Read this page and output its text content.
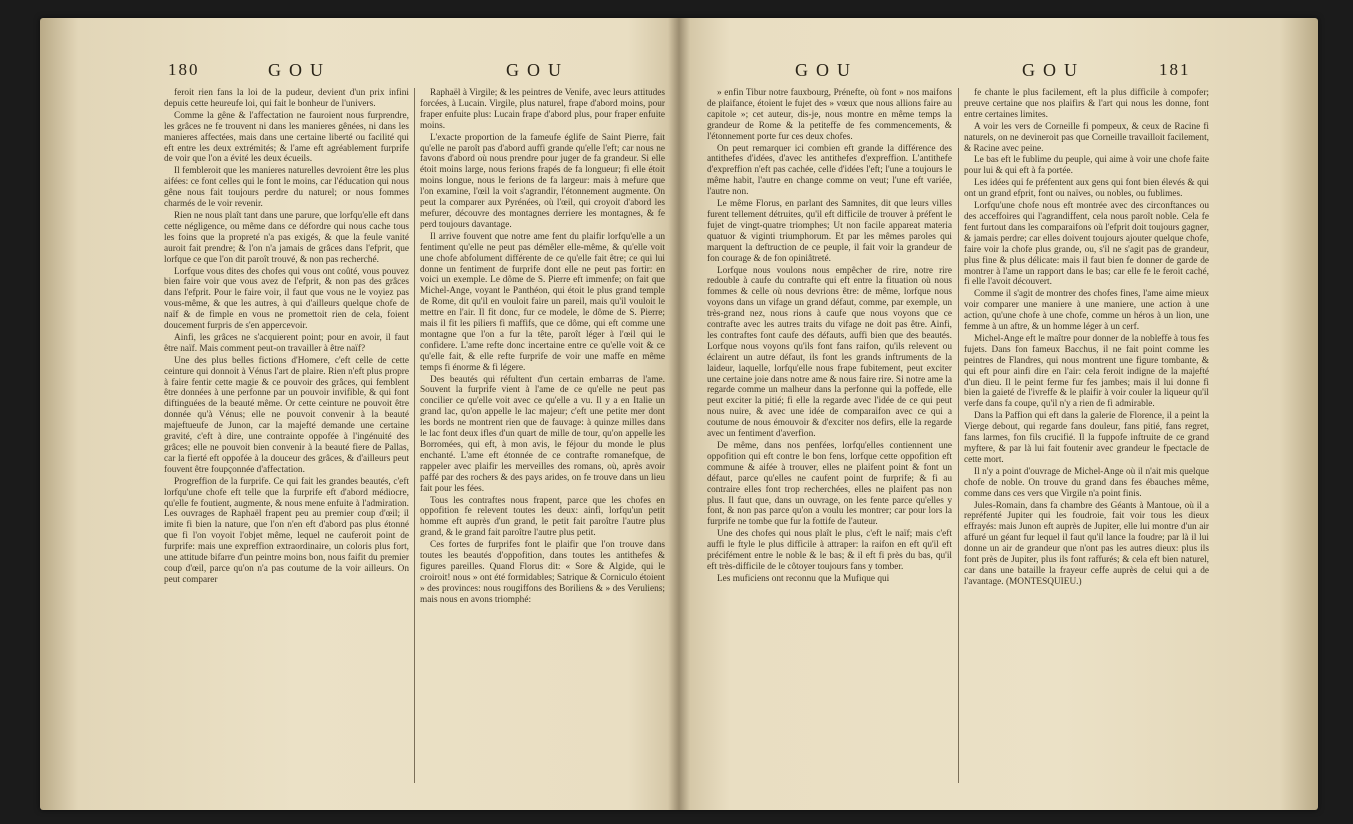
180	GOU	GOU

feroit rien fans la loi de la pudeur, devient d'un prix infini depuis cette heureufe loi, qui fait le bonheur de l'univers.

Comme la gêne & l'affectation ne fauroient nous furprendre, les grâces ne fe trouvent ni dans les manieres gênées, ni dans les manieres affectées, mais dans une certaine liberté ou facilité qui eft entre les deux extrémités; & l'ame eft agréablement furprife de voir que l'on a évité les deux écueils.

Il fembleroit que les manieres naturelles devroient être les plus aifées: ce font celles qui le font le moins, car l'éducation qui nous gêne nous fait toujours perdre du naturel; or nous fommes charmés de le voir revenir.

Rien ne nous plaît tant dans une parure, que lorfqu'elle eft dans cette négligence, ou même dans ce défordre qui nous cache tous les foins que la propreté n'a pas exigés, & que la feule vanité auroit fait prendre; & l'on n'a jamais de grâces dans l'efprit, que lorfque ce que l'on dit paroît trouvé, & non pas recherché.

Lorfque vous dites des chofes qui vous ont coûté, vous pouvez bien faire voir que vous avez de l'efprit, & non pas des grâces dans l'efprit. Pour le faire voir, il faut que vous ne le voyiez pas vous-même, & que les autres, à qui d'ailleurs quelque chofe de naïf & de fimple en vous ne promettoit rien de cela, foient doucement furpris de s'en appercevoir.

Ainfi, les grâces ne s'acquierent point; pour en avoir, il faut être naïf. Mais comment peut-on travailler à être naïf?

Une des plus belles fictions d'Homere, c'eft celle de cette ceinture qui donnoit à Vénus l'art de plaire. Rien n'eft plus propre à faire fentir cette magie & ce pouvoir des grâces, qui femblent être données à une perfonne par un pouvoir invifible, & qui font diftinguées de la beauté même. Or cette ceinture ne pouvoit être donnée qu'à Vénus; elle ne pouvoit convenir à la beauté majeftueufe de Junon, car la majefté demande une certaine gravité, c'eft à dire, une contrainte oppofée à l'ingénuité des grâces; elle ne pouvoit bien convenir à la beauté fiere de Pallas, car la fierté eft oppofée à la douceur des grâces, & d'ailleurs peut fouvent être foupçonnée d'affectation.

Progreffion de la furprife. Ce qui fait les grandes beautés, c'eft lorfqu'une chofe eft telle que la furprife eft d'abord médiocre, qu'elle fe foutient, augmente, & nous mene enfuite à l'admiration. Les ouvrages de Raphaël frapent peu au premier coup d'œil; il imite fi bien la nature, que l'on n'en eft d'abord pas plus étonné que fi l'on voyoit l'objet même, lequel ne cauferoit point de furprife: mais une expreffion extraordinaire, un coloris plus fort, une attitude bifarre d'un peintre moins bon, nous faifit du premier coup d'œil, parce qu'on n'a pas coutume de la voir ailleurs. On peut comparer

Raphaël à Virgile; & les peintres de Venife, avec leurs attitudes forcées, à Lucain. Virgile, plus naturel, frape d'abord moins, pour fraper enfuite plus: Lucain frape d'abord plus, pour fraper enfuite moins.

L'exacte proportion de la fameufe églife de Saint Pierre, fait qu'elle ne paroît pas d'abord auffi grande qu'elle l'eft; car nous ne favons d'abord où nous prendre pour juger de fa grandeur. Si elle étoit moins large, nous ferions frapés de fa longueur; fi elle étoit moins longue, nous le ferions de fa largeur: mais à mefure que l'on examine, l'œil la voit s'agrandir, l'étonnement augmente. On peut la comparer aux Pyrénées, où l'œil, qui croyoit d'abord les mefurer, découvre des montagnes derriere les montagnes, & fe perd toujours davantage.

Il arrive fouvent que notre ame fent du plaifir lorfqu'elle a un fentiment qu'elle ne peut pas démêler elle-même, & qu'elle voit une chofe abfolument différente de ce qu'elle fait être; ce qui lui donne un fentiment de furprife dont elle ne peut pas fortir: en voici un exemple. Le dôme de S. Pierre eft immenfe; on fait que Michel-Ange, voyant le Panthéon, qui étoit le plus grand temple de Rome, dit qu'il en vouloit faire un pareil, mais qu'il vouloit le mettre en l'air. Il fit donc, fur ce modele, le dôme de S. Pierre; mais il fit les piliers fi maffifs, que ce dôme, qui eft comme une montagne que l'on a fur la tête, paroît léger à l'œil qui le confidere. L'ame refte donc incertaine entre ce qu'elle voit & ce qu'elle fait, & elle refte furprife de voir une maffe en même temps fi énorme & fi légere.

Des beautés qui réfultent d'un certain embarras de l'ame. Souvent la furprife vient à l'ame de ce qu'elle ne peut pas concilier ce qu'elle voit avec ce qu'elle a vu. Il y a en Italie un grand lac, qu'on appelle le lac majeur; c'eft une petite mer dont les bords ne montrent rien que de fauvage: à quinze milles dans le lac font deux ifles d'un quart de mille de tour, qu'on appelle les Borromées, qui eft, à mon avis, le féjour du monde le plus enchanté. L'ame eft étonnée de ce contrafte romanefque, de rappeler avec plaifir les merveilles des romans, où, après avoir paffé par des rochers & des pays arides, on fe trouve dans un lieu fait pour les fées.

Tous les contraftes nous frapent, parce que les chofes en oppofition fe relevent toutes les deux: ainfi, lorfqu'un petit homme eft auprès d'un grand, le petit fait paroître l'autre plus grand, & le grand fait paroître l'autre plus petit.

Ces fortes de furprifes font le plaifir que l'on trouve dans toutes les beautés d'oppofition, dans toutes les antithefes & figures pareilles. Quand Florus dit: « Sore & Algide, qui le croiroit! nous » ont été formidables; Satrique & Corniculo étoient » des provinces: nous rougiffons des Boriliens & » des Veruliens; mais nous en avons triomphé:

GOU	GOU	181

» enfin Tibur notre fauxbourg, Prénefte, où font » nos maifons de plaifance, étoient le fujet des » vœux que nous allions faire au capitole »; cet auteur, dis-je, nous montre en même temps la grandeur de Rome & la petiteffe de fes commencements, & l'étonnement porte fur ces deux chofes.

On peut remarquer ici combien eft grande la différence des antithefes d'idées, d'avec les antithefes d'expreffion. L'antithefe d'expreffion n'eft pas cachée, celle d'idées l'eft; l'une a toujours le même habit, l'autre en change comme on veut; l'une eft variée, l'autre non.

Le même Florus, en parlant des Samnites, dit que leurs villes furent tellement détruites, qu'il eft difficile de trouver à préfent le fujet de vingt-quatre triomphes; Ut non facile appareat materia quatuor & viginti triumphorum. Et par les mêmes paroles qui marquent la deftruction de ce peuple, il fait voir la grandeur de fon courage & de fon opiniâtreté.

Lorfque nous voulons nous empêcher de rire, notre rire redouble à caufe du contrafte qui eft entre la fituation où nous fommes & celle où nous devrions être: de même, lorfque nous voyons dans un vifage un grand défaut, comme, par exemple, un très-grand nez, nous rions à caufe que nous voyons que ce contrafte avec les autres traits du vifage ne doit pas être. Ainfi, les contraftes font caufe des défauts, auffi bien que des beautés. Lorfque nous voyons qu'ils font fans raifon, qu'ils relevent ou éclairent un autre défaut, ils font les grands inftruments de la laideur, laquelle, lorfqu'elle nous frape fubitement, peut exciter une certaine joie dans notre ame & nous faire rire. Si notre ame la regarde comme un malheur dans la perfonne qui la poffede, elle peut exciter la pitié; fi elle la regarde avec l'idée de ce qui peut nous nuire, & avec une idée de comparaifon avec ce qui a coutume de nous émouvoir & d'exciter nos defirs, elle la regarde avec un fentiment d'averfion.

De même, dans nos penfées, lorfqu'elles contiennent une oppofition qui eft contre le bon fens, lorfque cette oppofition eft commune & aifée à trouver, elles ne plaifent point & font un défaut, parce qu'elles ne caufent point de furprife; & fi au contraire elles font trop recherchées, elles ne plaifent pas non plus. Il faut que, dans un ouvrage, on les fente parce qu'elles y font, & non pas parce qu'on a voulu les montrer; car pour lors la furprife ne tombe que fur la fottife de l'auteur.

Une des chofes qui nous plaît le plus, c'eft le naïf; mais c'eft auffi le ftyle le plus difficile à attraper: la raifon en eft qu'il eft précifément entre le noble & le bas; & il eft fi près du bas, qu'il eft très-difficile de le côtoyer toujours fans y tomber.

Les muficiens ont reconnu que la Mufique qui

fe chante le plus facilement, eft la plus difficile à compofer; preuve certaine que nos plaifirs & l'art qui nous les donne, font entre certaines limites.

A voir les vers de Corneille fi pompeux, & ceux de Racine fi naturels, on ne devineroit pas que Corneille travailloit facilement, & Racine avec peine.

Le bas eft le fublime du peuple, qui aime à voir une chofe faite pour lui & qui eft à fa portée.

Les idées qui fe préfentent aux gens qui font bien élevés & qui ont un grand efprit, font ou naïves, ou nobles, ou fublimes.

Lorfqu'une chofe nous eft montrée avec des circonftances ou des acceffoires qui l'agrandiffent, cela nous paroît noble. Cela fe fent furtout dans les comparaifons où l'efprit doit toujours gagner, & jamais perdre; car elles doivent toujours ajouter quelque chofe, faire voir la chofe plus grande, ou, s'il ne s'agit pas de grandeur, plus fine & plus délicate: mais il faut bien fe donner de garde de montrer à l'ame un rapport dans le bas; car elle fe le feroit caché, fi elle l'avoit découvert.

Comme il s'agit de montrer des chofes fines, l'ame aime mieux voir comparer une maniere à une maniere, une action à une action, qu'une chofe à une chofe, comme un héros à un lion, une femme à un aftre, & un homme léger à un cerf.

Michel-Ange eft le maître pour donner de la nobleffe à tous fes fujets. Dans fon fameux Bacchus, il ne fait point comme les peintres de Flandres, qui nous montrent une figure tombante, & qui eft pour ainfi dire en l'air: cela feroit indigne de la majefté d'un dieu. Il le peint ferme fur fes jambes; mais il lui donne fi bien la gaieté de l'ivreffe & le plaifir à voir couler la liqueur qu'il verfe dans fa coupe, qu'il n'y a rien de fi admirable.

Dans la Paffion qui eft dans la galerie de Florence, il a peint la Vierge debout, qui regarde fans douleur, fans pitié, fans regret, fans larmes, fon fils crucifié. Il la fuppofe inftruite de ce grand myftere, & par là lui fait foutenir avec grandeur le fpectacle de cette mort.

Il n'y a point d'ouvrage de Michel-Ange où il n'ait mis quelque chofe de noble. On trouve du grand dans fes ébauches même, comme dans ces vers que Virgile n'a point finis.

Jules-Romain, dans fa chambre des Géants à Mantoue, où il a repréfenté Jupiter qui les foudroie, fait voir tous les dieux effrayés: mais Junon eft auprès de Jupiter, elle lui montre d'un air affuré un géant fur lequel il faut qu'il lance la foudre; par là il lui donne un air de grandeur que n'ont pas les autres dieux: plus ils font près de Jupiter, plus ils font raffurés; & cela eft bien naturel, car dans une bataille la frayeur ceffe auprès de celui qui a de l'avantage. (MONTESQUIEU.)
